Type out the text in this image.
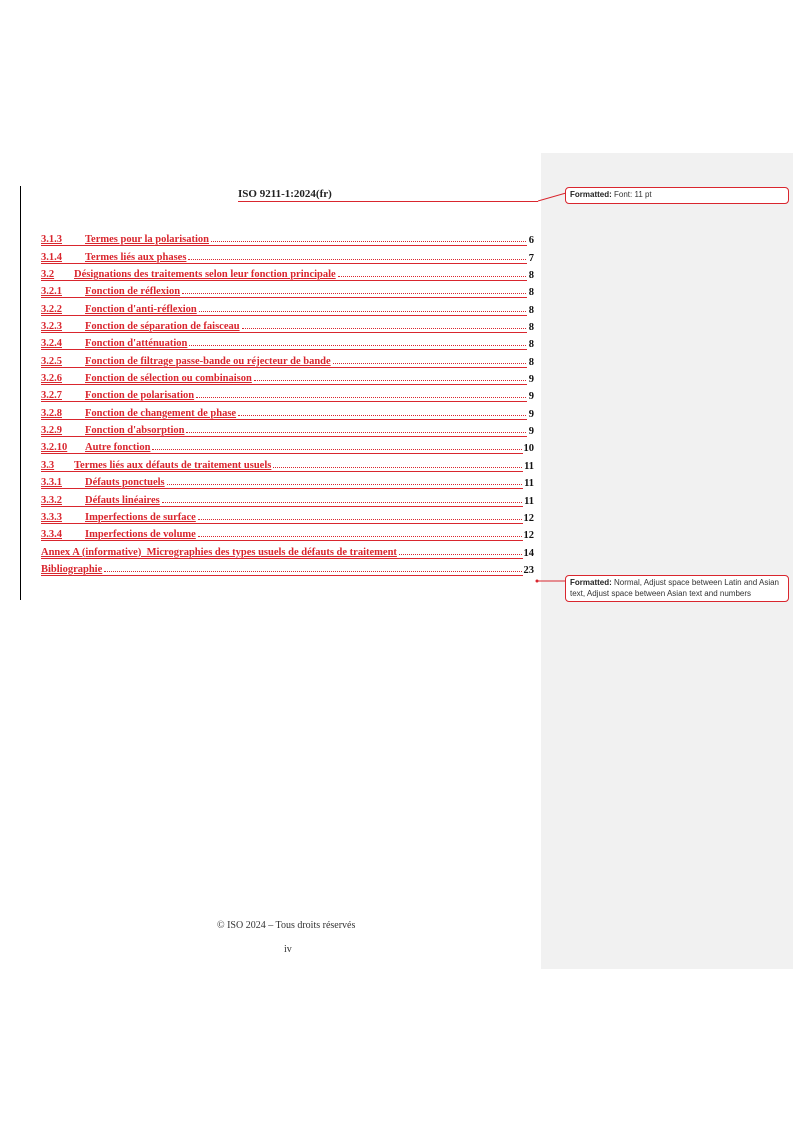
ISO 9211-1:2024(fr)
3.1.3	Termes pour la polarisation	6
3.1.4	Termes liés aux phases	7
3.2	Désignations des traitements selon leur fonction principale	8
3.2.1	Fonction de réflexion	8
3.2.2	Fonction d'anti-réflexion	8
3.2.3	Fonction de séparation de faisceau	8
3.2.4	Fonction d'atténuation	8
3.2.5	Fonction de filtrage passe-bande ou réjecteur de bande	8
3.2.6	Fonction de sélection ou combinaison	9
3.2.7	Fonction de polarisation	9
3.2.8	Fonction de changement de phase	9
3.2.9	Fonction d'absorption	9
3.2.10	Autre fonction	10
3.3	Termes liés aux défauts de traitement usuels	11
3.3.1	Défauts ponctuels	11
3.3.2	Défauts linéaires	11
3.3.3	Imperfections de surface	12
3.3.4	Imperfections de volume	12
Annex A (informative)  Micrographies des types usuels de défauts de traitement	14
Bibliographie	23
© ISO 2024 – Tous droits réservés
iv
Formatted: Font: 11 pt
Formatted: Normal, Adjust space between Latin and Asian text, Adjust space between Asian text and numbers
